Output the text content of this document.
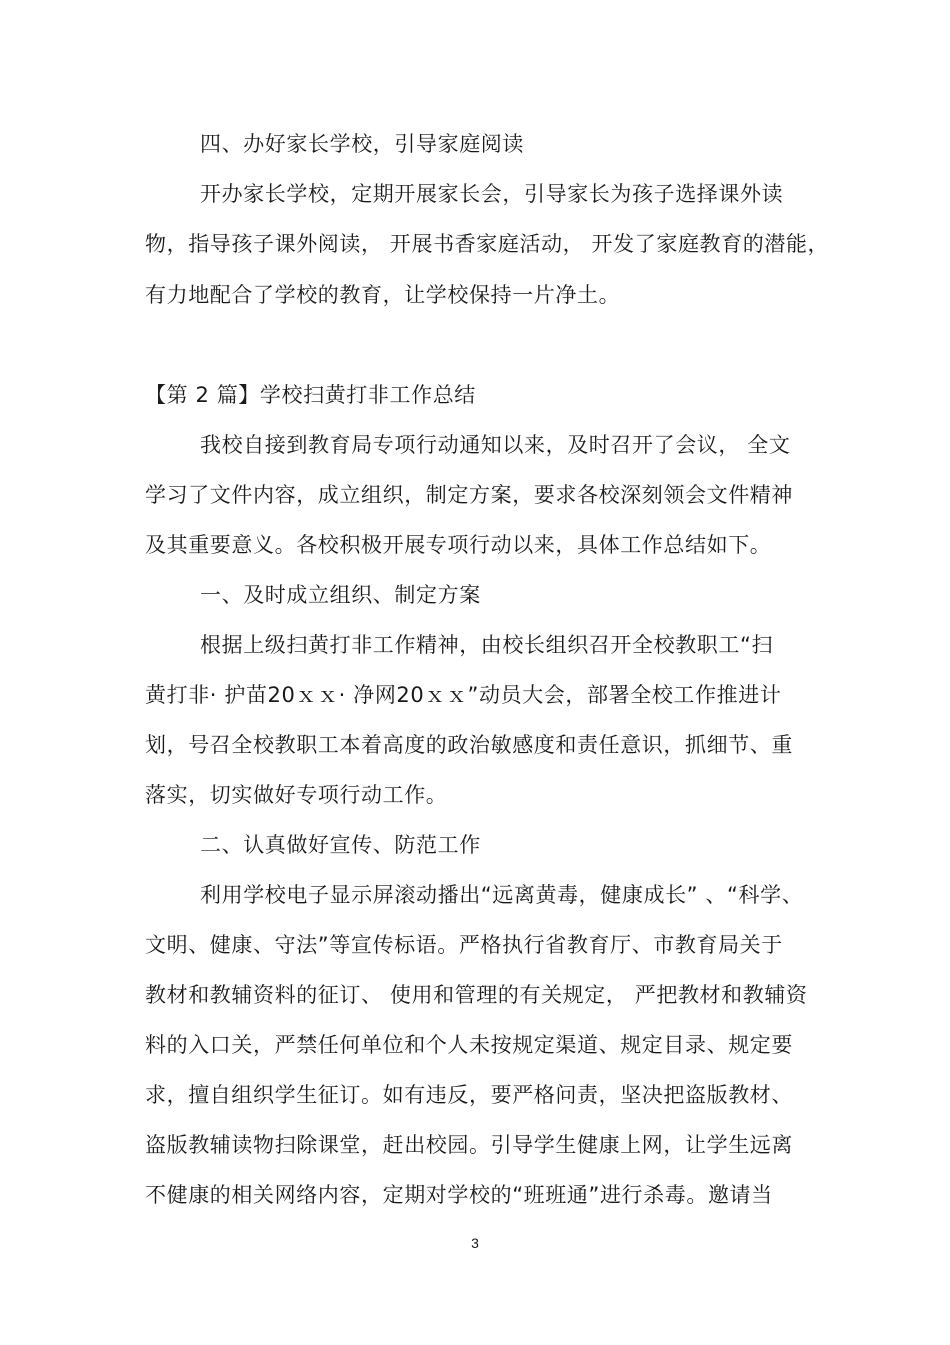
四、办好家长学校，引导家庭阅读
开办家长学校，定期开展家长会，引导家长为孩子选择课外读
物，指导孩子课外阅读， 开展书香家庭活动， 开发了家庭教育的潜能，
有力地配合了学校的教育，让学校保持一片净土。
【第 2 篇】学校扫黄打非工作总结
我校自接到教育局专项行动通知以来，及时召开了会议， 全文
学习了文件内容，成立组织，制定方案，要求各校深刻领会文件精神
及其重要意义。各校积极开展专项行动以来，具体工作总结如下。
一、及时成立组织、制定方案
根据上级扫黄打非工作精神，由校长组织召开全校教职工“扫
黄打非· 护苗20ｘｘ· 净网20ｘｘ”动员大会，部署全校工作推进计
划，号召全校教职工本着高度的政治敏感度和责任意识，抓细节、重
落实，切实做好专项行动工作。
二、认真做好宣传、防范工作
利用学校电子显示屏滚动播出“远离黄毒，健康成长” 、“科学、
文明、健康、守法”等宣传标语。严格执行省教育厅、市教育局关于
教材和教辅资料的征订、 使用和管理的有关规定， 严把教材和教辅资
料的入口关，严禁任何单位和个人未按规定渠道、规定目录、规定要
求，擅自组织学生征订。如有违反，要严格问责，坚决把盗版教材、
盗版教辅读物扫除课堂，赶出校园。引导学生健康上网，让学生远离
不健康的相关网络内容，定期对学校的“班班通”进行杀毒。邀请当
3
